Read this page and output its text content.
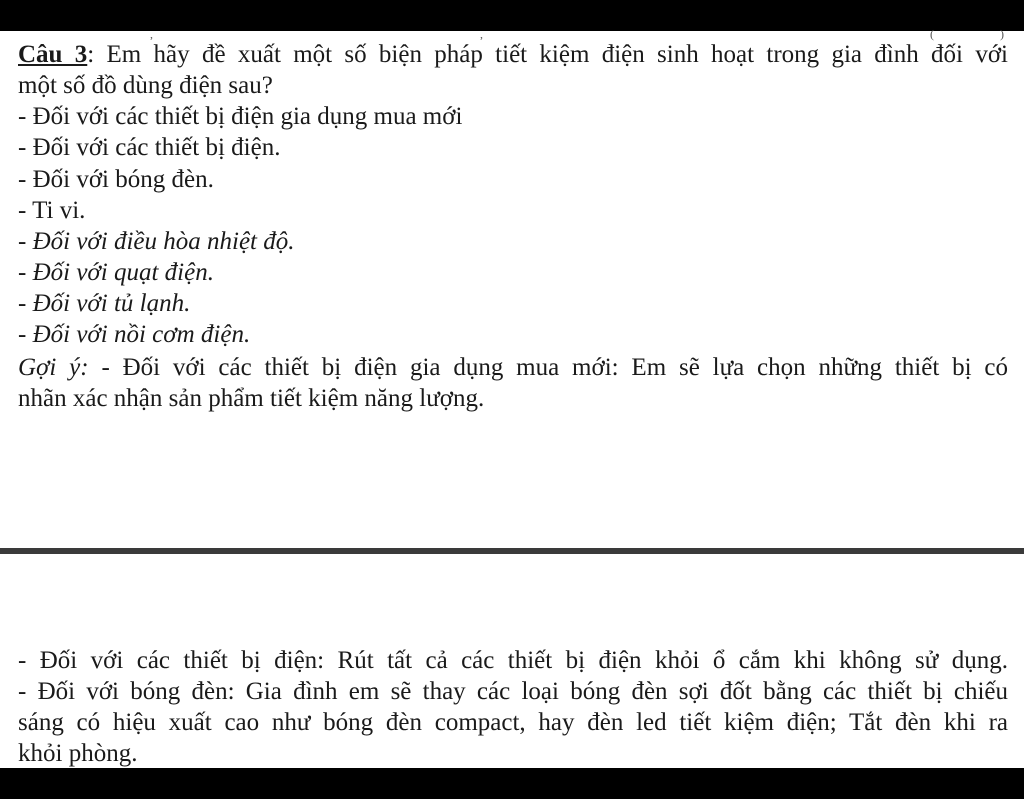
,	,	(	)
Câu 3: Em hãy đề xuất một số biện pháp tiết kiệm điện sinh hoạt trong gia đình đối với
một số đồ dùng điện sau?
- Đối với các thiết bị điện gia dụng mua mới
- Đối với các thiết bị điện.
- Đối với bóng đèn.
- Ti vi.
- Đối với điều hòa nhiệt độ.
- Đối với quạt điện.
- Đối với tủ lạnh.
- Đối với nồi cơm điện.
Gợi ý: - Đối với các thiết bị điện gia dụng mua mới: Em sẽ lựa chọn những thiết bị có
nhãn xác nhận sản phẩm tiết kiệm năng lượng.
- Đối với các thiết bị điện: Rút tất cả các thiết bị điện khỏi ổ cắm khi không sử dụng.
- Đối với bóng đèn: Gia đình em sẽ thay các loại bóng đèn sợi đốt bằng các thiết bị chiếu
sáng có hiệu xuất cao như bóng đèn compact, hay đèn led tiết kiệm điện; Tắt đèn khi ra
khỏi phòng.
